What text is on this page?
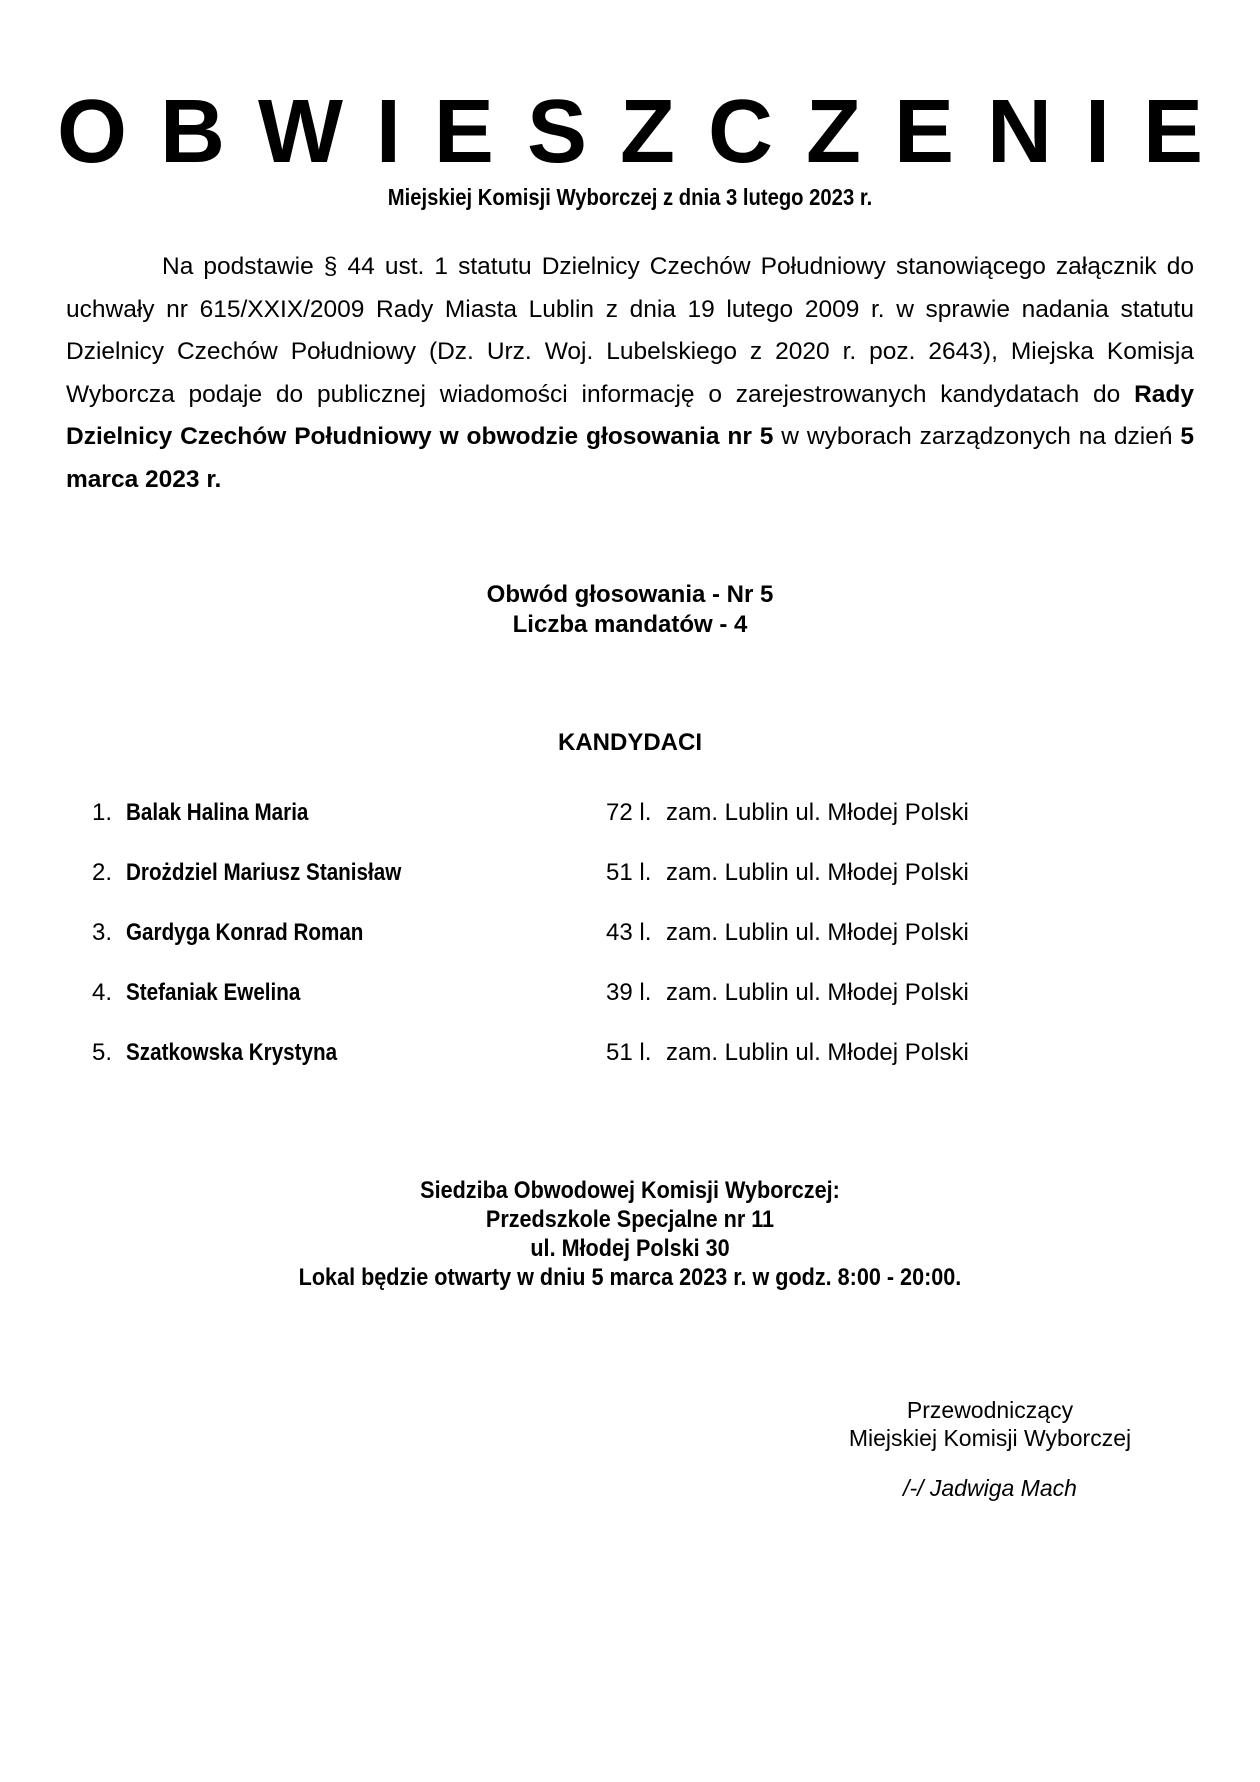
OBWIESZCZENIE
Miejskiej Komisji Wyborczej z dnia 3 lutego 2023 r.

Na podstawie § 44 ust. 1 statutu Dzielnicy Czechów Południowy stanowiącego załącznik do uchwały nr 615/XXIX/2009 Rady Miasta Lublin z dnia 19 lutego 2009 r. w sprawie nadania statutu Dzielnicy Czechów Południowy (Dz. Urz. Woj. Lubelskiego z 2020 r. poz. 2643), Miejska Komisja Wyborcza podaje do publicznej wiadomości informację o zarejestrowanych kandydatach do Rady Dzielnicy Czechów Południowy w obwodzie głosowania nr 5 w wyborach zarządzonych na dzień 5 marca 2023 r.

Obwód głosowania - Nr 5
Liczba mandatów - 4
KANDYDACI
1. Balak Halina Maria	72 l. zam. Lublin ul. Młodej Polski
2. Drożdziel Mariusz Stanisław	51 l. zam. Lublin ul. Młodej Polski
3. Gardyga Konrad Roman	43 l. zam. Lublin ul. Młodej Polski
4. Stefaniak Ewelina	39 l. zam. Lublin ul. Młodej Polski
5. Szatkowska Krystyna	51 l. zam. Lublin ul. Młodej Polski
Siedziba Obwodowej Komisji Wyborczej:
Przedszkole Specjalne nr 11
ul. Młodej Polski 30
Lokal będzie otwarty w dniu 5 marca 2023 r. w godz. 8:00 - 20:00.
Przewodniczący
Miejskiej Komisji Wyborczej
/-/ Jadwiga Mach
